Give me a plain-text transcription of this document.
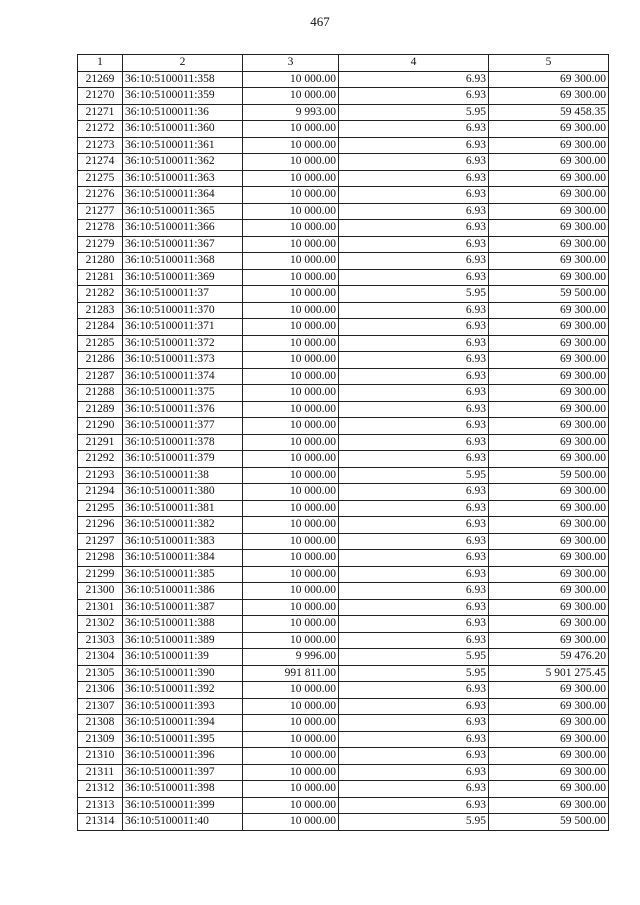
467
1	2	3	4	5
21269	36:10:5100011:358	10 000.00	6.93	69 300.00
21270	36:10:5100011:359	10 000.00	6.93	69 300.00
21271	36:10:5100011:36	9 993.00	5.95	59 458.35
21272	36:10:5100011:360	10 000.00	6.93	69 300.00
21273	36:10:5100011:361	10 000.00	6.93	69 300.00
21274	36:10:5100011:362	10 000.00	6.93	69 300.00
21275	36:10:5100011:363	10 000.00	6.93	69 300.00
21276	36:10:5100011:364	10 000.00	6.93	69 300.00
21277	36:10:5100011:365	10 000.00	6.93	69 300.00
21278	36:10:5100011:366	10 000.00	6.93	69 300.00
21279	36:10:5100011:367	10 000.00	6.93	69 300.00
21280	36:10:5100011:368	10 000.00	6.93	69 300.00
21281	36:10:5100011:369	10 000.00	6.93	69 300.00
21282	36:10:5100011:37	10 000.00	5.95	59 500.00
21283	36:10:5100011:370	10 000.00	6.93	69 300.00
21284	36:10:5100011:371	10 000.00	6.93	69 300.00
21285	36:10:5100011:372	10 000.00	6.93	69 300.00
21286	36:10:5100011:373	10 000.00	6.93	69 300.00
21287	36:10:5100011:374	10 000.00	6.93	69 300.00
21288	36:10:5100011:375	10 000.00	6.93	69 300.00
21289	36:10:5100011:376	10 000.00	6.93	69 300.00
21290	36:10:5100011:377	10 000.00	6.93	69 300.00
21291	36:10:5100011:378	10 000.00	6.93	69 300.00
21292	36:10:5100011:379	10 000.00	6.93	69 300.00
21293	36:10:5100011:38	10 000.00	5.95	59 500.00
21294	36:10:5100011:380	10 000.00	6.93	69 300.00
21295	36:10:5100011:381	10 000.00	6.93	69 300.00
21296	36:10:5100011:382	10 000.00	6.93	69 300.00
21297	36:10:5100011:383	10 000.00	6.93	69 300.00
21298	36:10:5100011:384	10 000.00	6.93	69 300.00
21299	36:10:5100011:385	10 000.00	6.93	69 300.00
21300	36:10:5100011:386	10 000.00	6.93	69 300.00
21301	36:10:5100011:387	10 000.00	6.93	69 300.00
21302	36:10:5100011:388	10 000.00	6.93	69 300.00
21303	36:10:5100011:389	10 000.00	6.93	69 300.00
21304	36:10:5100011:39	9 996.00	5.95	59 476.20
21305	36:10:5100011:390	991 811.00	5.95	5 901 275.45
21306	36:10:5100011:392	10 000.00	6.93	69 300.00
21307	36:10:5100011:393	10 000.00	6.93	69 300.00
21308	36:10:5100011:394	10 000.00	6.93	69 300.00
21309	36:10:5100011:395	10 000.00	6.93	69 300.00
21310	36:10:5100011:396	10 000.00	6.93	69 300.00
21311	36:10:5100011:397	10 000.00	6.93	69 300.00
21312	36:10:5100011:398	10 000.00	6.93	69 300.00
21313	36:10:5100011:399	10 000.00	6.93	69 300.00
21314	36:10:5100011:40	10 000.00	5.95	59 500.00
